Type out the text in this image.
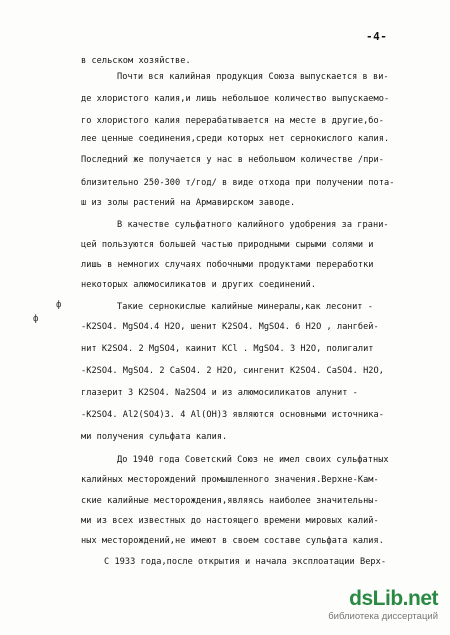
-4-
в сельском хозяйстве.
Почти вся калийная продукция Союза выпускается в ви-
де хлористого калия,и лишь небольшое количество выпускаемо-
го хлористого калия перерабатывается на месте в другие,бо-
лее ценные соединения,среди которых нет сернокислого калия.
Последний же получается у нас в небольшом количестве /при-
близительно 250-300 т/год/ в виде отхода при получении пота-
ш из золы растений на Армавирском заводе.
В качестве сульфатного калийного удобрения за грани-
цей пользуются большей частью природными сырыми солями и
лишь в немногих случаях побочными продуктами переработки
некоторых алюмосиликатов и других соединений.
Такие сернокислые калийные минералы,как лесонит -
-K2SO4. MgSO4.4 H2O, шенит K2SO4. MgSO4. 6 H2O , лангбей-
нит K2SO4. 2 MgSO4, каинит KCl . MgSO4. 3 H2O, полигалит
-K2SO4. MgSO4. 2 CaSO4. 2 H2O, сингенит K2SO4. CaSO4. H2O,
глазерит 3 K2SO4. Na2SO4 и из алюмосиликатов алунит -
-K2SO4. Al2(SO4)3. 4 Al(OH)3 являются основными источника-
ми получения сульфата калия.
До 1940 года Советский Союз не имел своих сульфатных
калийных месторождений промышленного значения.Верхне-Кам-
ские калийные месторождения,являясь наиболее значительны-
ми из всех известных до настоящего времени мировых калий-
ных месторождений,не имеют в своем составе сульфата калия.
С 1933 года,после открытия и начала эксплоатации Верх-
ф
ф
dsLib.net
библиотека диссертаций
